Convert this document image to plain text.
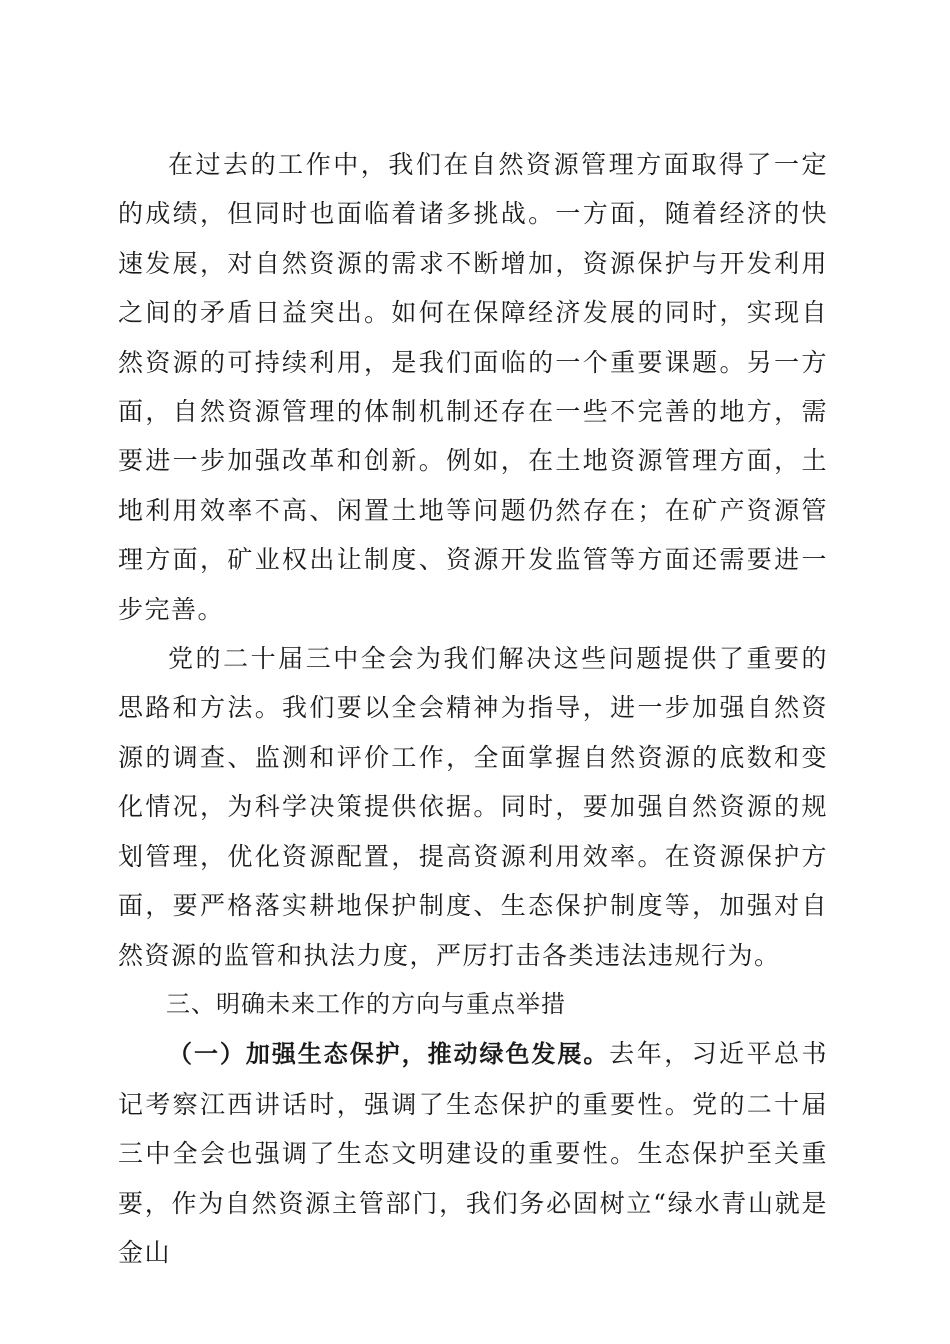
在过去的工作中，我们在自然资源管理方面取得了一定的成绩，但同时也面临着诸多挑战。一方面，随着经济的快速发展，对自然资源的需求不断增加，资源保护与开发利用之间的矛盾日益突出。如何在保障经济发展的同时，实现自然资源的可持续利用，是我们面临的一个重要课题。另一方面，自然资源管理的体制机制还存在一些不完善的地方，需要进一步加强改革和创新。例如，在土地资源管理方面，土地利用效率不高、闲置土地等问题仍然存在；在矿产资源管理方面，矿业权出让制度、资源开发监管等方面还需要进一步完善。

党的二十届三中全会为我们解决这些问题提供了重要的思路和方法。我们要以全会精神为指导，进一步加强自然资源的调查、监测和评价工作，全面掌握自然资源的底数和变化情况，为科学决策提供依据。同时，要加强自然资源的规划管理，优化资源配置，提高资源利用效率。在资源保护方面，要严格落实耕地保护制度、生态保护制度等，加强对自然资源的监管和执法力度，严厉打击各类违法违规行为。

三、明确未来工作的方向与重点举措

（一）加强生态保护，推动绿色发展。去年，习近平总书记考察江西讲话时，强调了生态保护的重要性。党的二十届三中全会也强调了生态文明建设的重要性。生态保护至关重要，作为自然资源主管部门，我们务必固树立“绿水青山就是金山
